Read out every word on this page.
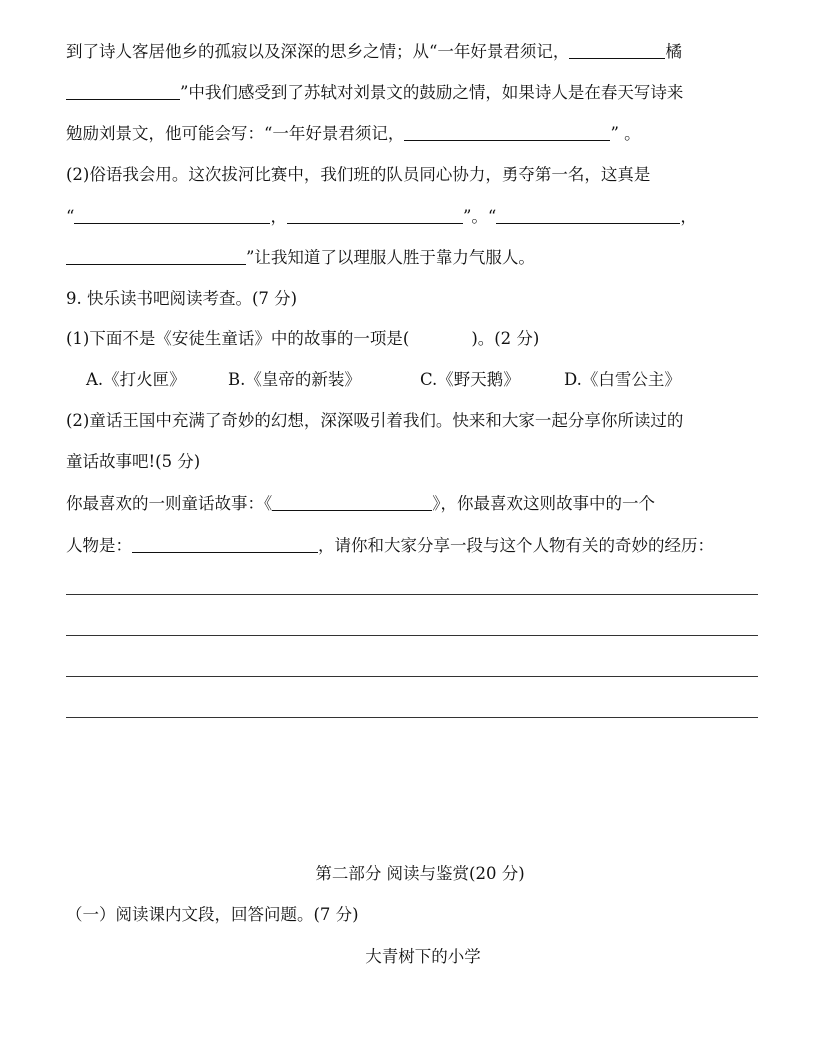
到了诗人客居他乡的孤寂以及深深的思乡之情；从“一年好景君须记，	橘
”中我们感受到了苏轼对刘景文的鼓励之情，如果诗人是在春天写诗来
勉励刘景文，他可能会写：“一年好景君须记，	” 。
(2)俗语我会用。这次拔河比赛中，我们班的队员同心协力，勇夺第一名，这真是
“	，	”。“	，
”让我知道了以理服人胜于靠力气服人。
9. 快乐读书吧阅读考查。(7 分)
(1)下面不是《安徒生童话》中的故事的一项是(	)。(2 分)
A.《打火匣》	B.《皇帝的新装》	C.《野天鹅》	D.《白雪公主》
(2)童话王国中充满了奇妙的幻想，深深吸引着我们。快来和大家一起分享你所读过的
童话故事吧!(5 分)
你最喜欢的一则童话故事：《	》，你最喜欢这则故事中的一个
人物是：	，请你和大家分享一段与这个人物有关的奇妙的经历：
第二部分 阅读与鉴赏(20 分)
（一）阅读课内文段，回答问题。(7 分)
大青树下的小学
